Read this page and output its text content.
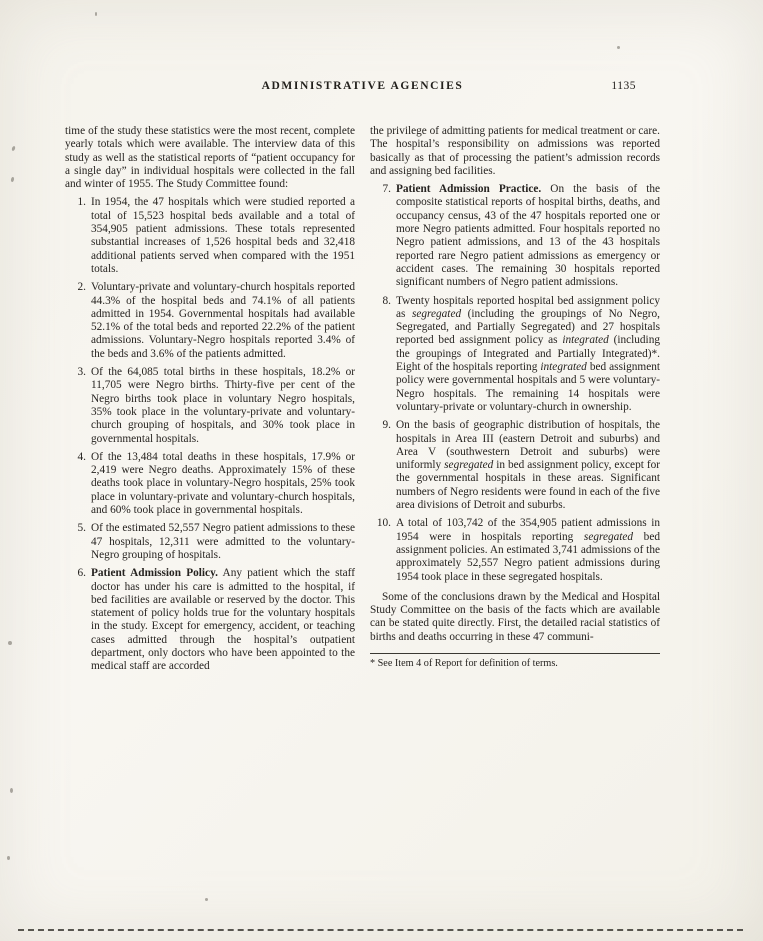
ADMINISTRATIVE AGENCIES	1135

time of the study these statistics were the most recent, complete yearly totals which were available. The interview data of this study as well as the statistical reports of “patient occupancy for a single day” in individual hospitals were collected in the fall and winter of 1955. The Study Committee found:

1. In 1954, the 47 hospitals which were studied reported a total of 15,523 hospital beds available and a total of 354,905 patient admissions. These totals represented substantial increases of 1,526 hospital beds and 32,418 additional patients served when compared with the 1951 totals.
2. Voluntary-private and voluntary-church hospitals reported 44.3% of the hospital beds and 74.1% of all patients admitted in 1954. Governmental hospitals had available 52.1% of the total beds and reported 22.2% of the patient admissions. Voluntary-Negro hospitals reported 3.4% of the beds and 3.6% of the patients admitted.
3. Of the 64,085 total births in these hospitals, 18.2% or 11,705 were Negro births. Thirty-five per cent of the Negro births took place in voluntary Negro hospitals, 35% took place in the voluntary-private and voluntary-church grouping of hospitals, and 30% took place in governmental hospitals.
4. Of the 13,484 total deaths in these hospitals, 17.9% or 2,419 were Negro deaths. Approximately 15% of these deaths took place in voluntary-Negro hospitals, 25% took place in voluntary-private and voluntary-church hospitals, and 60% took place in governmental hospitals.
5. Of the estimated 52,557 Negro patient admissions to these 47 hospitals, 12,311 were admitted to the voluntary-Negro grouping of hospitals.
6. Patient Admission Policy. Any patient which the staff doctor has under his care is admitted to the hospital, if bed facilities are available or reserved by the doctor. This statement of policy holds true for the voluntary hospitals in the study. Except for emergency, accident, or teaching cases admitted through the hospital’s outpatient department, only doctors who have been appointed to the medical staff are accorded

the privilege of admitting patients for medical treatment or care. The hospital’s responsibility on admissions was reported basically as that of processing the patient’s admission records and assigning bed facilities.

7. Patient Admission Practice. On the basis of the composite statistical reports of hospital births, deaths, and occupancy census, 43 of the 47 hospitals reported one or more Negro patients admitted. Four hospitals reported no Negro patient admissions, and 13 of the 43 hospitals reported rare Negro patient admissions as emergency or accident cases. The remaining 30 hospitals reported significant numbers of Negro patient admissions.
8. Twenty hospitals reported hospital bed assignment policy as segregated (including the groupings of No Negro, Segregated, and Partially Segregated) and 27 hospitals reported bed assignment policy as integrated (including the groupings of Integrated and Partially Integrated)*. Eight of the hospitals reporting integrated bed assignment policy were governmental hospitals and 5 were voluntary-Negro hospitals. The remaining 14 hospitals were voluntary-private or voluntary-church in ownership.
9. On the basis of geographic distribution of hospitals, the hospitals in Area III (eastern Detroit and suburbs) and Area V (southwestern Detroit and suburbs) were uniformly segregated in bed assignment policy, except for the governmental hospitals in these areas. Significant numbers of Negro residents were found in each of the five area divisions of Detroit and suburbs.
10. A total of 103,742 of the 354,905 patient admissions in 1954 were in hospitals reporting segregated bed assignment policies. An estimated 3,741 admissions of the approximately 52,557 Negro patient admissions during 1954 took place in these segregated hospitals.

Some of the conclusions drawn by the Medical and Hospital Study Committee on the basis of the facts which are available can be stated quite directly. First, the detailed racial statistics of births and deaths occurring in these 47 communi-

* See Item 4 of Report for definition of terms.
